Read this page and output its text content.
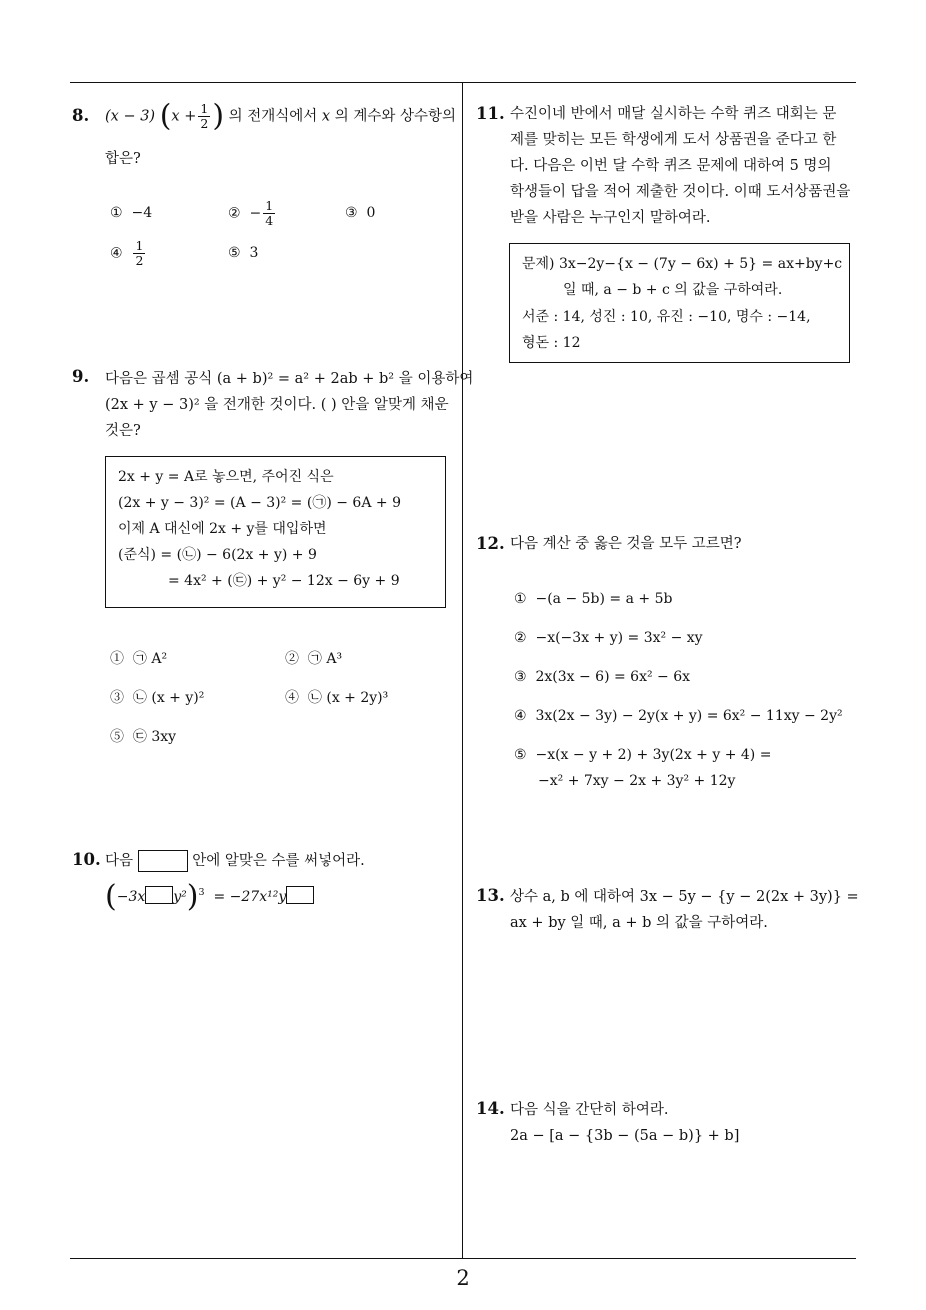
2
8. (x − 3) ($x + \frac{1}{2}$ ) 의 전개식에서 x 의 계수와 상수항의
합은?
① −4	② − $\frac{1}{4}$	③ 0
④ $\frac{1}{2}$	⑤ 3
9. 다음은 곱셈 공식 (a + b)² = a² + 2ab + b² 을 이용하여
(2x + y − 3)² 을 전개한 것이다. ( ) 안을 알맞게 채운
것은?
2x + y = A로 놓으면, 주어진 식은
(2x + y − 3)² = (A − 3)² = (㉠) − 6A + 9
이제 A 대신에 2x + y를 대입하면
(준식) = (㉡) − 6(2x + y) + 9
= 4x² + (㉢) + y² − 12x − 6y + 9
① ㉠ A²	② ㉠ A³
③ ㉡ (x + y)²	④ ㉡ (x + 2y)³
⑤ ㉢ 3xy
10. 다음	안에 알맞은 수를 써넣어라.
(−3x y²)$^3$ = −27x¹²y
11. 수진이네 반에서 매달 실시하는 수학 퀴즈 대회는 문
제를 맞히는 모든 학생에게 도서 상품권을 준다고 한
다. 다음은 이번 달 수학 퀴즈 문제에 대하여 5 명의
학생들이 답을 적어 제출한 것이다. 이때 도서상품권을
받을 사람은 누구인지 말하여라.
문제) 3x−2y−{x − (7y − 6x) + 5} = ax+by+c
일 때, a − b + c 의 값을 구하여라.
서준 : 14, 성진 : 10, 유진 : −10, 명수 : −14,
형돈 : 12
12. 다음 계산 중 옳은 것을 모두 고르면?
① −(a − 5b) = a + 5b
② −x(−3x + y) = 3x² − xy
③ 2x(3x − 6) = 6x² − 6x
④ 3x(2x − 3y) − 2y(x + y) = 6x² − 11xy − 2y²
⑤ −x(x − y + 2) + 3y(2x + y + 4) =
−x² + 7xy − 2x + 3y² + 12y
13. 상수 a, b 에 대하여 3x − 5y − {y − 2(2x + 3y)} =
ax + by 일 때, a + b 의 값을 구하여라.
14. 다음 식을 간단히 하여라.
2a − [a − {3b − (5a − b)} + b]
